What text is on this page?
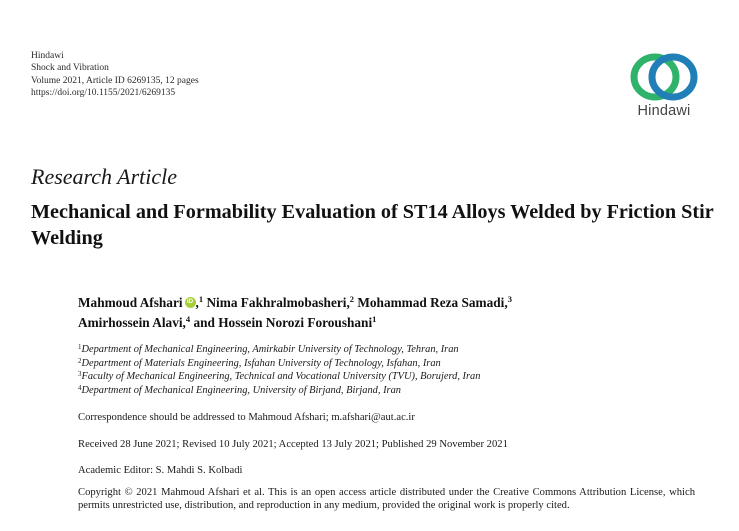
Hindawi
Shock and Vibration
Volume 2021, Article ID 6269135, 12 pages
https://doi.org/10.1155/2021/6269135
Hindawi
Research Article
Mechanical and Formability Evaluation of ST14 Alloys Welded by Friction Stir Welding
Mahmoud Afshari iD ,$^1$ Nima Fakhralmobasheri,$^2$ Mohammad Reza Samadi,$^3$
Amirhossein Alavi,$^4$ and Hossein Norozi Foroushani$^1$
$^1$Department of Mechanical Engineering, Amirkabir University of Technology, Tehran, Iran
$^2$Department of Materials Engineering, Isfahan University of Technology, Isfahan, Iran
$^3$Faculty of Mechanical Engineering, Technical and Vocational University (TVU), Borujerd, Iran
$^4$Department of Mechanical Engineering, University of Birjand, Birjand, Iran
Correspondence should be addressed to Mahmoud Afshari; m.afshari@aut.ac.ir
Received 28 June 2021; Revised 10 July 2021; Accepted 13 July 2021; Published 29 November 2021
Academic Editor: S. Mahdi S. Kolbadi
Copyright © 2021 Mahmoud Afshari et al. This is an open access article distributed under the Creative Commons Attribution License, which permits unrestricted use, distribution, and reproduction in any medium, provided the original work is properly cited.
